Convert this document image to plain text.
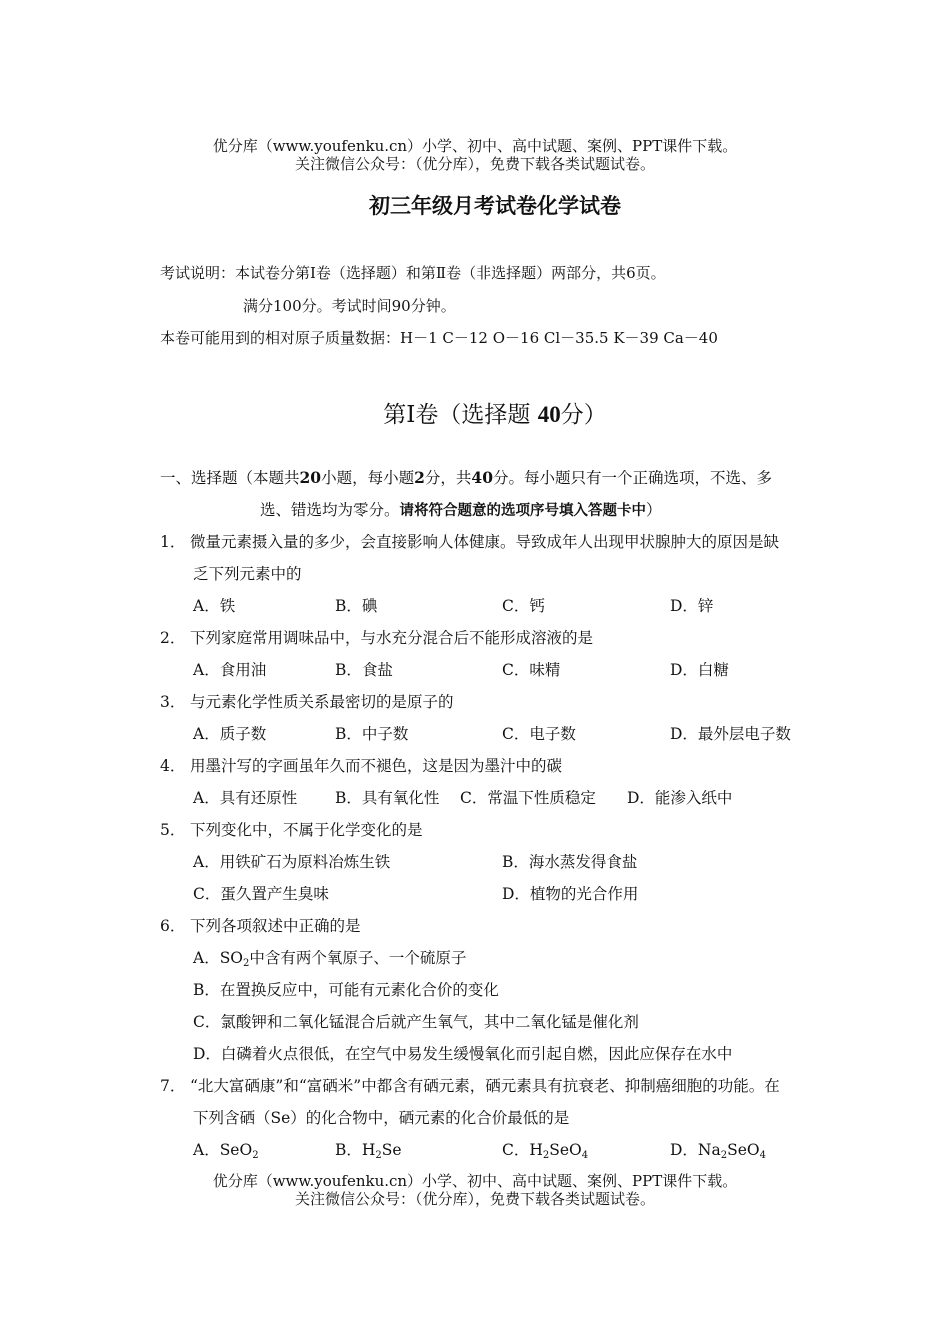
优分库（www.youfenku.cn）小学、初中、高中试题、案例、PPT课件下载。
关注微信公众号：（优分库），免费下载各类试题试卷。
初三年级月考试卷化学试卷
考试说明：本试卷分第Ⅰ卷（选择题）和第Ⅱ卷（非选择题）两部分，共6页。
满分100分。考试时间90分钟。
本卷可能用到的相对原子质量数据：H－1 C－12 O－16 Cl－35.5 K－39 Ca－40
第Ⅰ卷（选择题 40分）
一、选择题（本题共20小题，每小题2分，共40分。每小题只有一个正确选项，不选、多
选、错选均为零分。请将符合题意的选项序号填入答题卡中）
1． 微量元素摄入量的多少，会直接影响人体健康。导致成年人出现甲状腺肿大的原因是缺
乏下列元素中的
A．铁	B．碘	C．钙	D．锌
2． 下列家庭常用调味品中，与水充分混合后不能形成溶液的是
A．食用油	B．食盐	C．味精	D．白糖
3． 与元素化学性质关系最密切的是原子的
A．质子数	B．中子数	C．电子数	D．最外层电子数
4． 用墨汁写的字画虽年久而不褪色，这是因为墨汁中的碳
A．具有还原性 B．具有氧化性 C．常温下性质稳定 D．能渗入纸中
5． 下列变化中，不属于化学变化的是
A．用铁矿石为原料冶炼生铁	B．海水蒸发得食盐
C．蛋久置产生臭味	D．植物的光合作用
6． 下列各项叙述中正确的是
A．$SO_2$中含有两个氧原子、一个硫原子
B．在置换反应中，可能有元素化合价的变化
C．氯酸钾和二氧化锰混合后就产生氧气，其中二氧化锰是催化剂
D．白磷着火点很低，在空气中易发生缓慢氧化而引起自燃，因此应保存在水中
7． “北大富硒康”和“富硒米”中都含有硒元素，硒元素具有抗衰老、抑制癌细胞的功能。在
下列含硒（Se）的化合物中，硒元素的化合价最低的是
A．SeO$_2$	B．$H_2Se$	C．$H_2SeO_4$	D．$Na_2SeO_4$
优分库（www.youfenku.cn）小学、初中、高中试题、案例、PPT课件下载。
关注微信公众号：（优分库），免费下载各类试题试卷。
